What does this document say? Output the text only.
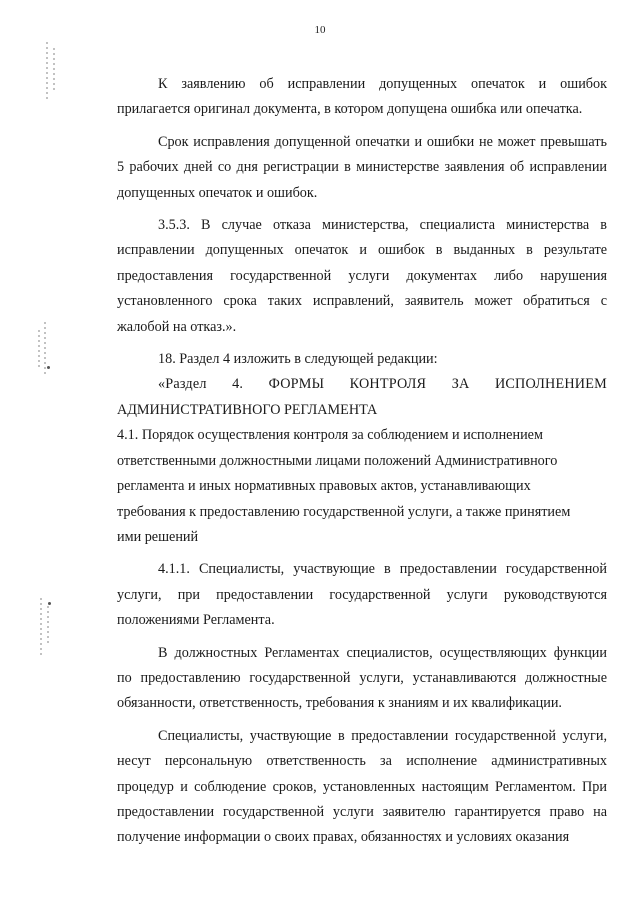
10

К заявлению об исправлении допущенных опечаток и ошибок прилагается оригинал документа, в котором допущена ошибка или опечатка.

Срок исправления допущенной опечатки и ошибки не может превышать 5 рабочих дней со дня регистрации в министерстве заявления об исправлении допущенных опечаток и ошибок.

3.5.3. В случае отказа министерства, специалиста министерства в исправлении допущенных опечаток и ошибок в выданных в результате предоставления государственной услуги документах либо нарушения установленного срока таких исправлений, заявитель может обратиться с жалобой на отказ.».

18. Раздел 4 изложить в следующей редакции:

«Раздел 4. ФОРМЫ КОНТРОЛЯ ЗА ИСПОЛНЕНИЕМ

АДМИНИСТРАТИВНОГО РЕГЛАМЕНТА

4.1. Порядок осуществления контроля за соблюдением и исполнением

ответственными должностными лицами положений Административного

регламента и иных нормативных правовых актов, устанавливающих

требования к предоставлению государственной услуги, а также принятием

ими решений

4.1.1. Специалисты, участвующие в предоставлении государственной услуги, при предоставлении государственной услуги руководствуются положениями Регламента.

В должностных Регламентах специалистов, осуществляющих функции по предоставлению государственной услуги, устанавливаются должностные обязанности, ответственность, требования к знаниям и их квалификации.

Специалисты, участвующие в предоставлении государственной услуги, несут персональную ответственность за исполнение административных процедур и соблюдение сроков, установленных настоящим Регламентом. При предоставлении государственной услуги заявителю гарантируется право на получение информации о своих правах, обязанностях и условиях оказания
